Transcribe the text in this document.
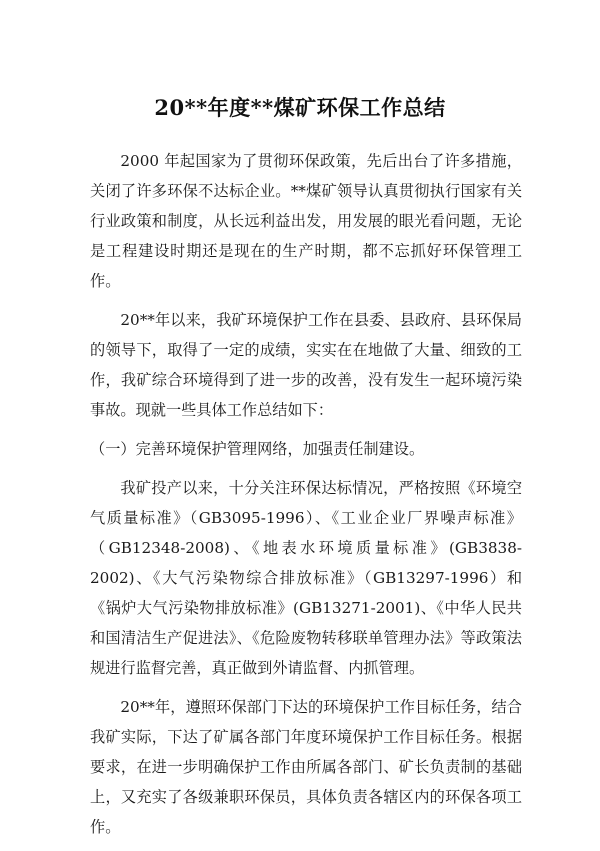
20**年度**煤矿环保工作总结

2000 年起国家为了贯彻环保政策，先后出台了许多措施，关闭了许多环保不达标企业。**煤矿领导认真贯彻执行国家有关行业政策和制度，从长远利益出发，用发展的眼光看问题，无论是工程建设时期还是现在的生产时期，都不忘抓好环保管理工作。

20**年以来，我矿环境保护工作在县委、县政府、县环保局的领导下，取得了一定的成绩，实实在在地做了大量、细致的工作，我矿综合环境得到了进一步的改善，没有发生一起环境污染事故。现就一些具体工作总结如下：

（一）完善环境保护管理网络，加强责任制建设。

我矿投产以来，十分关注环保达标情况，严格按照《环境空气质量标准》（GB3095-1996）、《工业企业厂界噪声标准》（GB12348-2008)、《地表水环境质量标准》(GB3838-2002)、《大气污染物综合排放标准》（GB13297-1996）和《锅炉大气污染物排放标准》(GB13271-2001)、《中华人民共和国清洁生产促进法》、《危险废物转移联单管理办法》等政策法规进行监督完善，真正做到外请监督、内抓管理。

20**年，遵照环保部门下达的环境保护工作目标任务，结合我矿实际，下达了矿属各部门年度环境保护工作目标任务。根据要求，在进一步明确保护工作由所属各部门、矿长负责制的基础上，又充实了各级兼职环保员，具体负责各辖区内的环保各项工作。
